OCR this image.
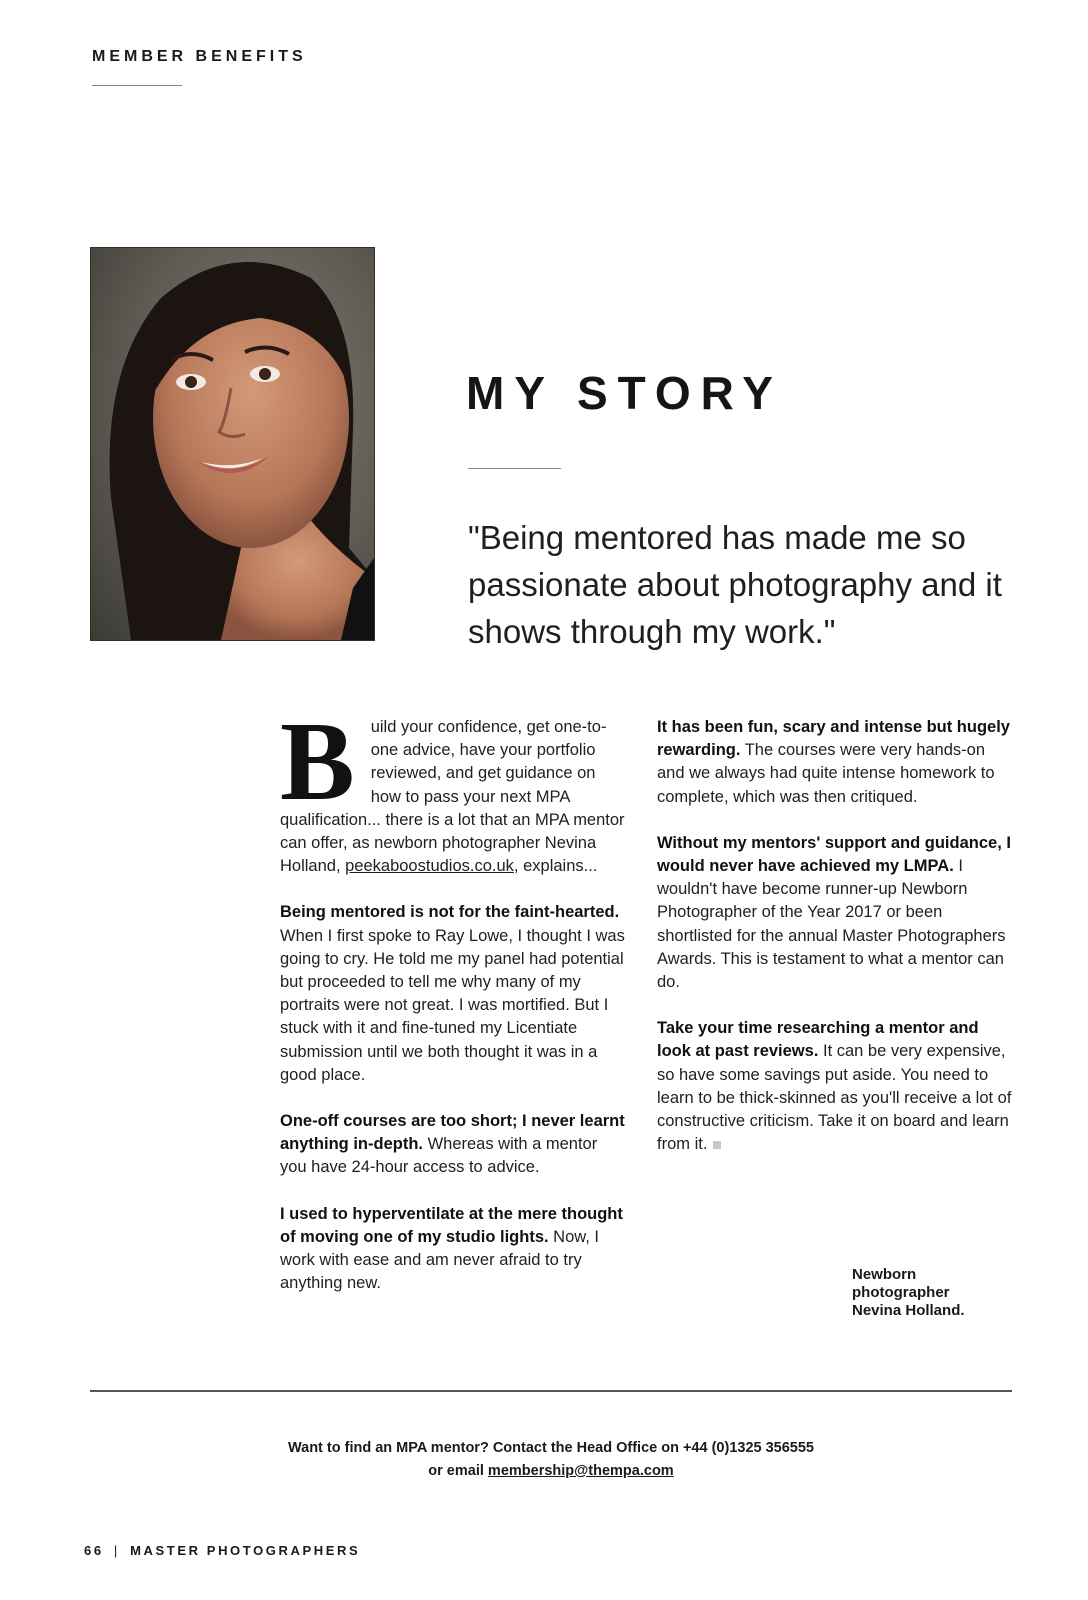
MEMBER BENEFITS
MY STORY
"Being mentored has made me so passionate about photography and it shows through my work."

Build your confidence, get one-to-one advice, have your portfolio reviewed, and get guidance on how to pass your next MPA qualification... there is a lot that an MPA mentor can offer, as newborn photographer Nevina Holland, peekaboostudios.co.uk, explains...

Being mentored is not for the faint-hearted. When I first spoke to Ray Lowe, I thought I was going to cry. He told me my panel had potential but proceeded to tell me why many of my portraits were not great. I was mortified. But I stuck with it and fine-tuned my Licentiate submission until we both thought it was in a good place.

One-off courses are too short; I never learnt anything in-depth. Whereas with a mentor you have 24-hour access to advice.

I used to hyperventilate at the mere thought of moving one of my studio lights. Now, I work with ease and am never afraid to try anything new.

It has been fun, scary and intense but hugely rewarding. The courses were very hands-on and we always had quite intense homework to complete, which was then critiqued.

Without my mentors' support and guidance, I would never have achieved my LMPA. I wouldn't have become runner-up Newborn Photographer of the Year 2017 or been shortlisted for the annual Master Photographers Awards. This is testament to what a mentor can do.

Take your time researching a mentor and look at past reviews. It can be very expensive, so have some savings put aside. You need to learn to be thick-skinned as you'll receive a lot of constructive criticism. Take it on board and learn from it.

Newborn
photographer
Nevina Holland.
Want to find an MPA mentor? Contact the Head Office on +44 (0)1325 356555
or email membership@thempa.com
66 | MASTER PHOTOGRAPHERS
